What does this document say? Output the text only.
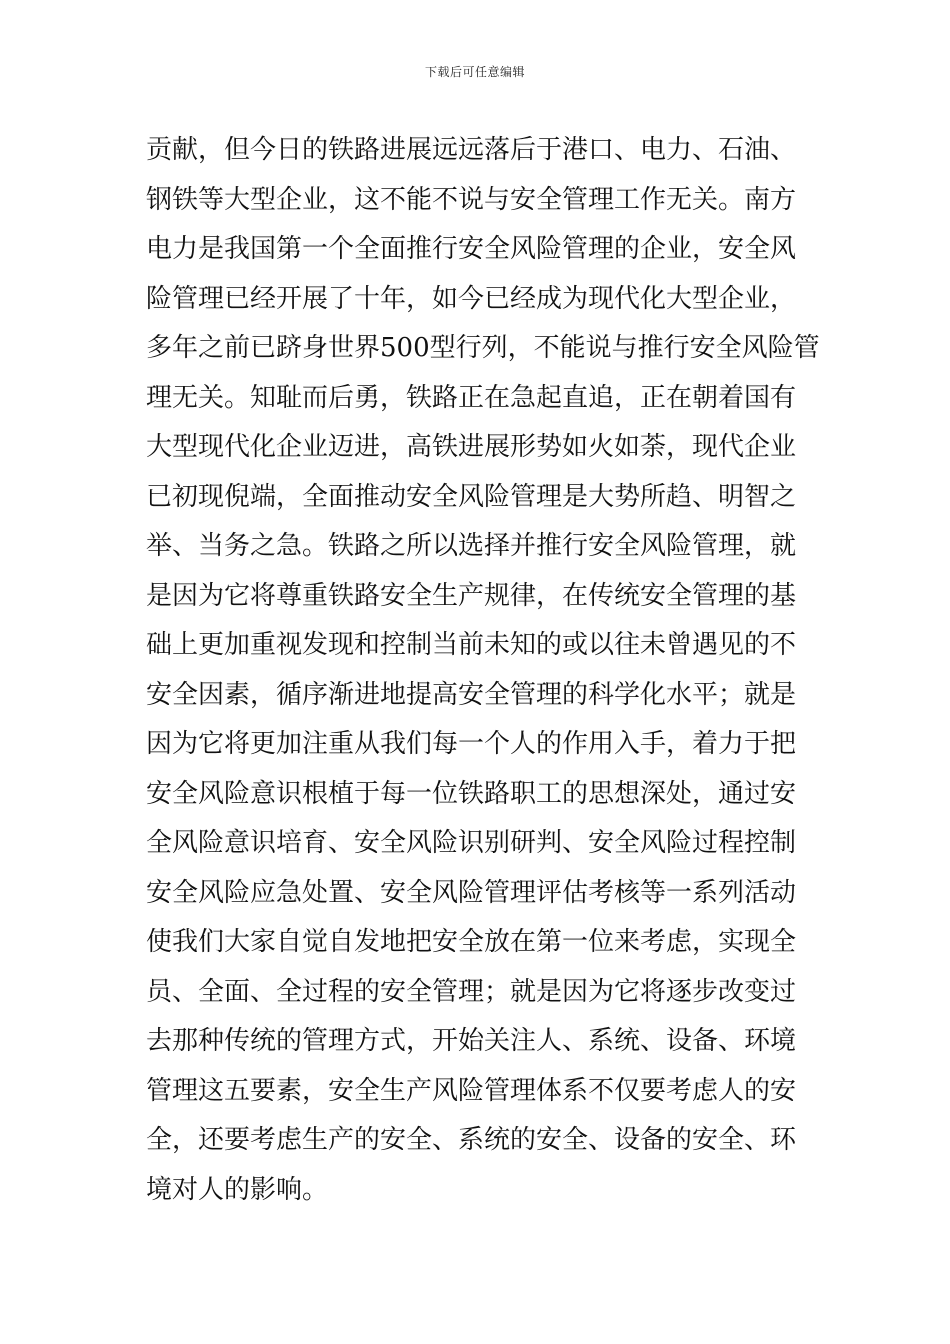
下载后可任意编辑
贡献，但今日的铁路进展远远落后于港口、电力、石油、
钢铁等大型企业，这不能不说与安全管理工作无关。南方
电力是我国第一个全面推行安全风险管理的企业，安全风
险管理已经开展了十年，如今已经成为现代化大型企业，
多年之前已跻身世界500型行列，不能说与推行安全风险管
理无关。知耻而后勇，铁路正在急起直追，正在朝着国有
大型现代化企业迈进，高铁进展形势如火如荼，现代企业
已初现倪端，全面推动安全风险管理是大势所趋、明智之
举、当务之急。铁路之所以选择并推行安全风险管理，就
是因为它将尊重铁路安全生产规律，在传统安全管理的基
础上更加重视发现和控制当前未知的或以往未曾遇见的不
安全因素，循序渐进地提高安全管理的科学化水平；就是
因为它将更加注重从我们每一个人的作用入手，着力于把
安全风险意识根植于每一位铁路职工的思想深处，通过安
全风险意识培育、安全风险识别研判、安全风险过程控制
安全风险应急处置、安全风险管理评估考核等一系列活动
使我们大家自觉自发地把安全放在第一位来考虑，实现全
员、全面、全过程的安全管理；就是因为它将逐步改变过
去那种传统的管理方式，开始关注人、系统、设备、环境
管理这五要素，安全生产风险管理体系不仅要考虑人的安
全，还要考虑生产的安全、系统的安全、设备的安全、环
境对人的影响。
